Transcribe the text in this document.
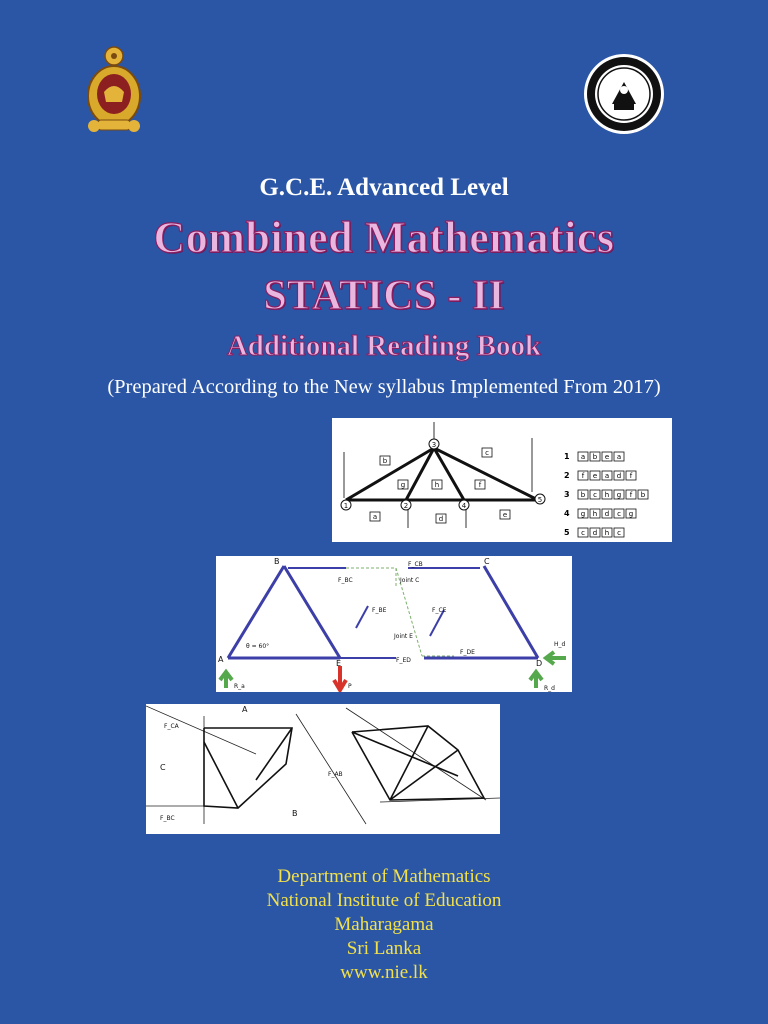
G.C.E. Advanced Level
Combined Mathematics
STATICS - II
Additional Reading Book
(Prepared According to the New syllabus Implemented From 2017)
1	2
3
4
5
a
b
c
d	e
g	h	f
1 a b e a
2 f e a d f
3 b c h g f b
4 g h d c g
5 c d h c
B	C
A	E	D
F_BC
F_CB
F_BE	F_CE
F_ED
F_DE
H_d
R_a	R_d
P
θ = 60°
Joint C
Joint E
A
B
C
F_CA
F_BC
F_AB
Department of Mathematics
National Institute of Education
Maharagama
Sri Lanka
www.nie.lk
